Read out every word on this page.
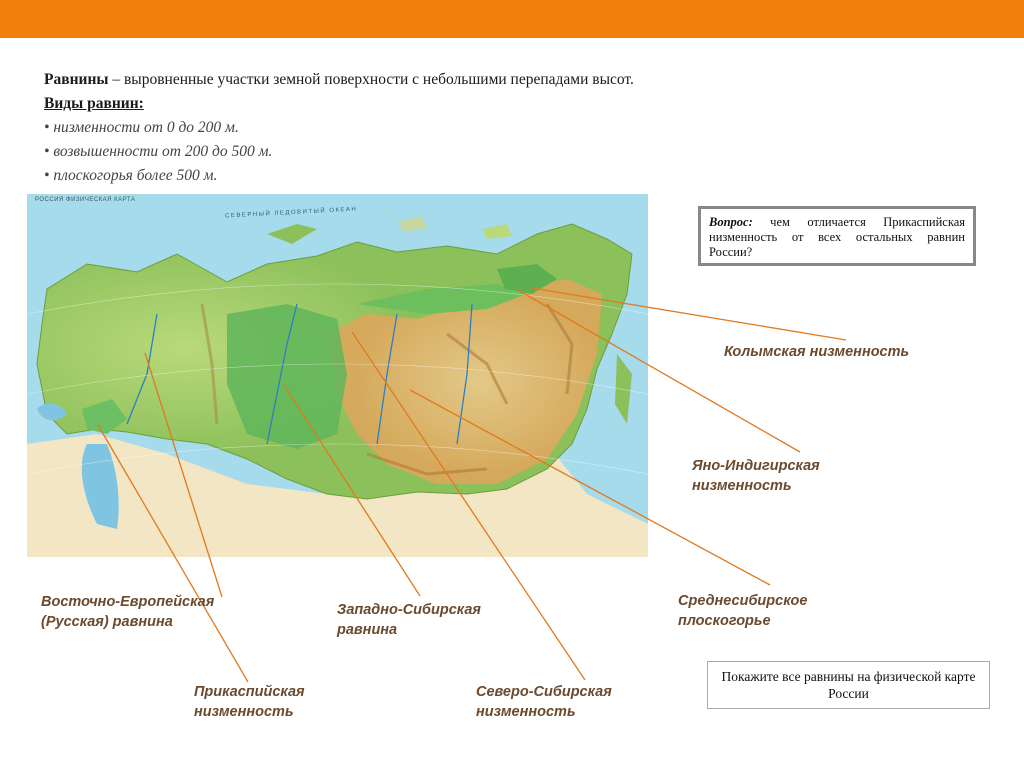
Равнины – выровненные участки земной поверхности с небольшими перепадами высот.
Виды равнин:
• низменности от 0 до 200 м.
• возвышенности от 200 до 500 м.
• плоскогорья более 500 м.
РОССИЯ ФИЗИЧЕСКАЯ КАРТА
СЕВЕРНЫЙ ЛЕДОВИТЫЙ ОКЕАН
Вопрос: чем отличается Прикаспийская низменность от всех остальных равнин России?
Покажите все равнины на физической карте России
Колымская низменность
Яно-Индигирская
низменность
Среднесибирское
плоскогорье
Восточно-Европейская
(Русская) равнина
Западно-Сибирская
равнина
Прикаспийская
низменность
Северо-Сибирская
низменность
